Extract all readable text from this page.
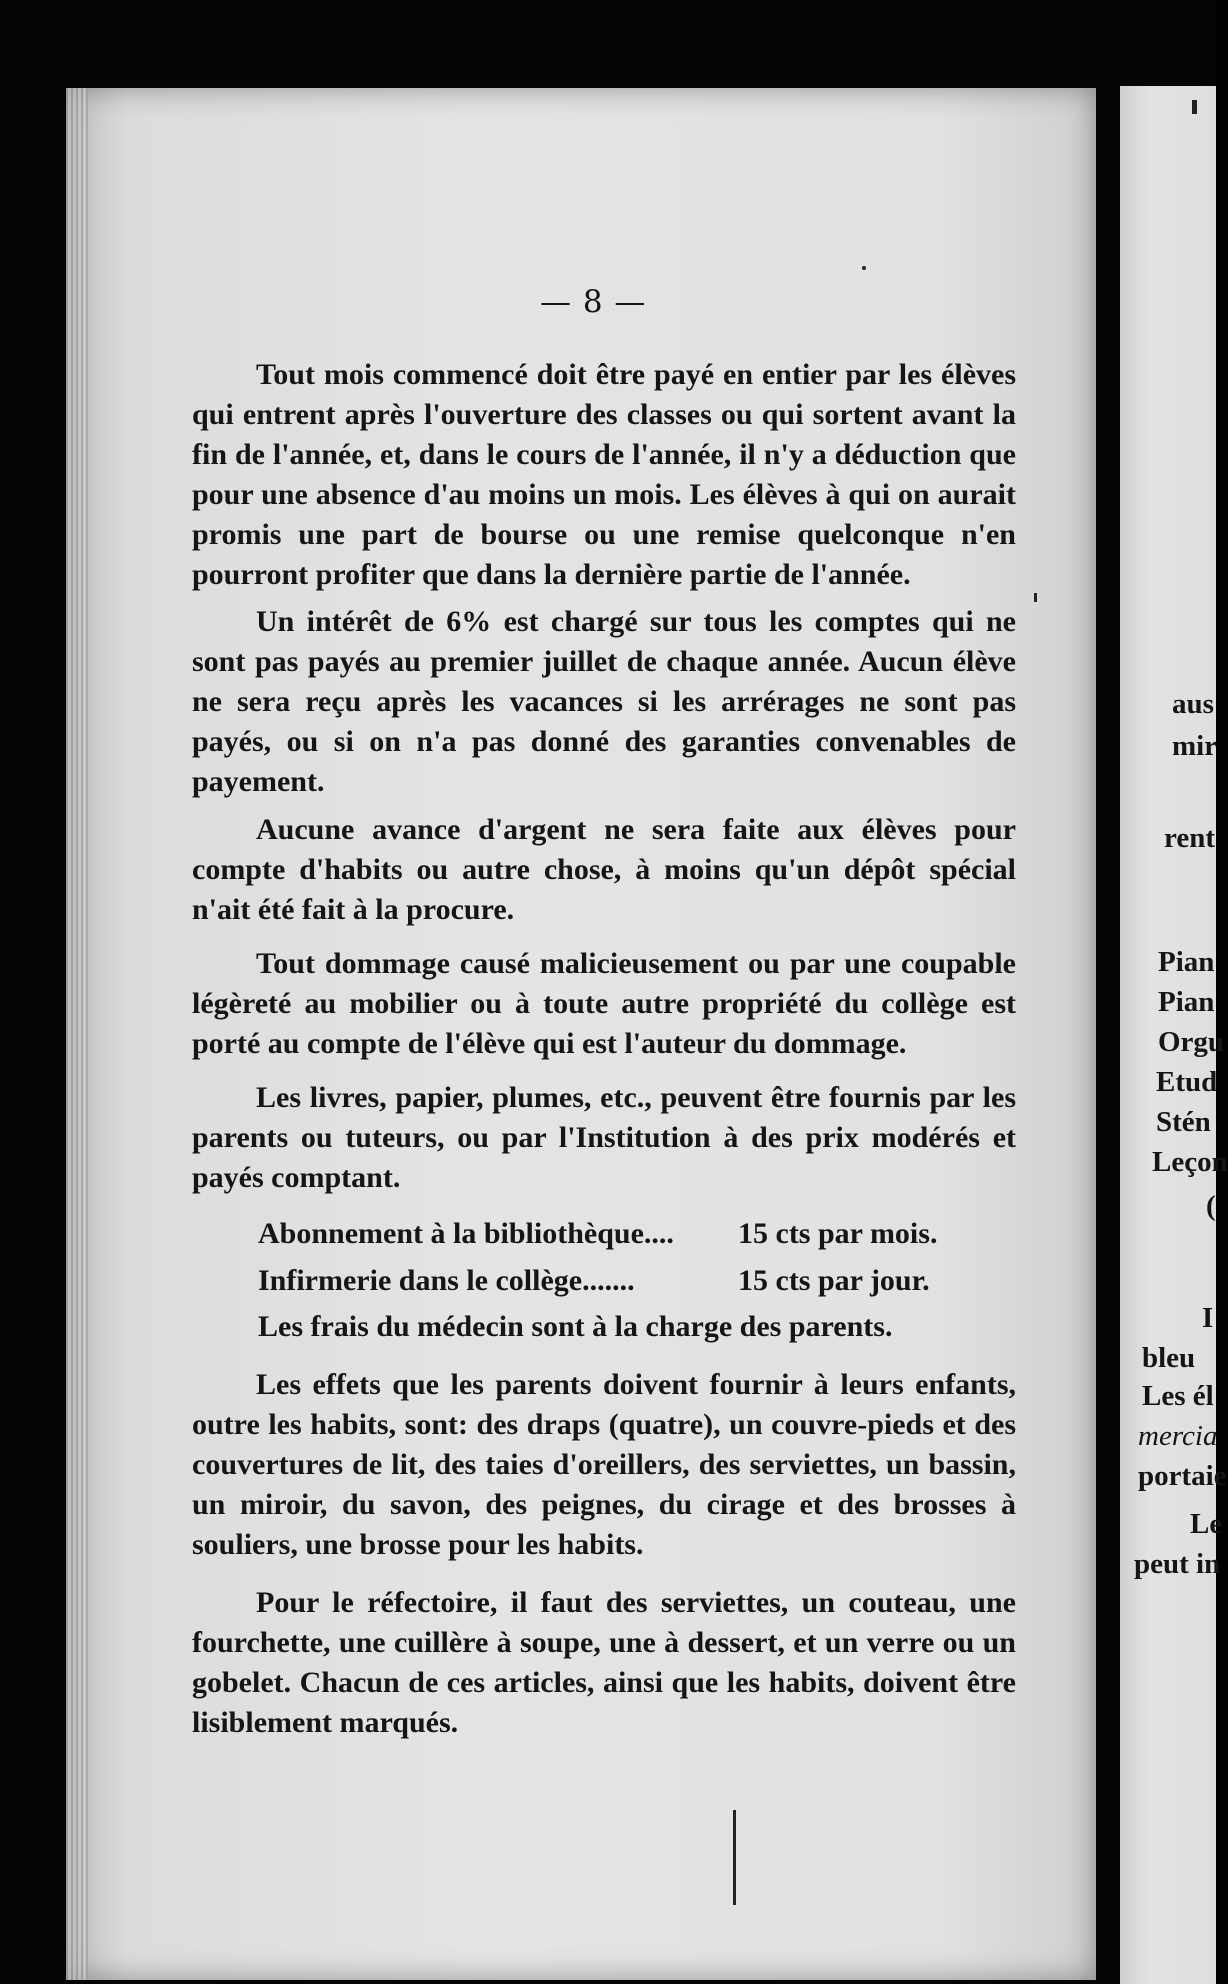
— 8 —

Tout mois commencé doit être payé en entier par les élèves qui entrent après l'ouverture des classes ou qui sortent avant la fin de l'année, et, dans le cours de l'année, il n'y a déduction que pour une absence d'au moins un mois. Les élèves à qui on aurait promis une part de bourse ou une remise quelconque n'en pourront profiter que dans la dernière partie de l'année.

Un intérêt de 6% est chargé sur tous les comptes qui ne sont pas payés au premier juillet de chaque année. Aucun élève ne sera reçu après les vacances si les arrérages ne sont pas payés, ou si on n'a pas donné des garanties convenables de payement.

Aucune avance d'argent ne sera faite aux élèves pour compte d'habits ou autre chose, à moins qu'un dépôt spécial n'ait été fait à la procure.

Tout dommage causé malicieusement ou par une coupable légèreté au mobilier ou à toute autre propriété du collège est porté au compte de l'élève qui est l'auteur du dommage.

Les livres, papier, plumes, etc., peuvent être fournis par les parents ou tuteurs, ou par l'Institution à des prix modérés et payés comptant.

Abonnement à la bibliothèque.... 15 cts par mois.
Infirmerie dans le collège.......	15 cts par jour.
Les frais du médecin sont à la charge des parents.

Les effets que les parents doivent fournir à leurs enfants, outre les habits, sont: des draps (quatre), un couvre-pieds et des couvertures de lit, des taies d'oreillers, des serviettes, un bassin, un miroir, du savon, des peignes, du cirage et des brosses à souliers, une brosse pour les habits.

Pour le réfectoire, il faut des serviettes, un couteau, une fourchette, une cuillère à soupe, une à dessert, et un verre ou un gobelet. Chacun de ces articles, ainsi que les habits, doivent être lisiblement marqués.

aus
mir
rent
Pian
Pian
Orgu
Etud
Stén
Leçon
(
I
bleu
Les él
mercia
portaie
Le
peut in
